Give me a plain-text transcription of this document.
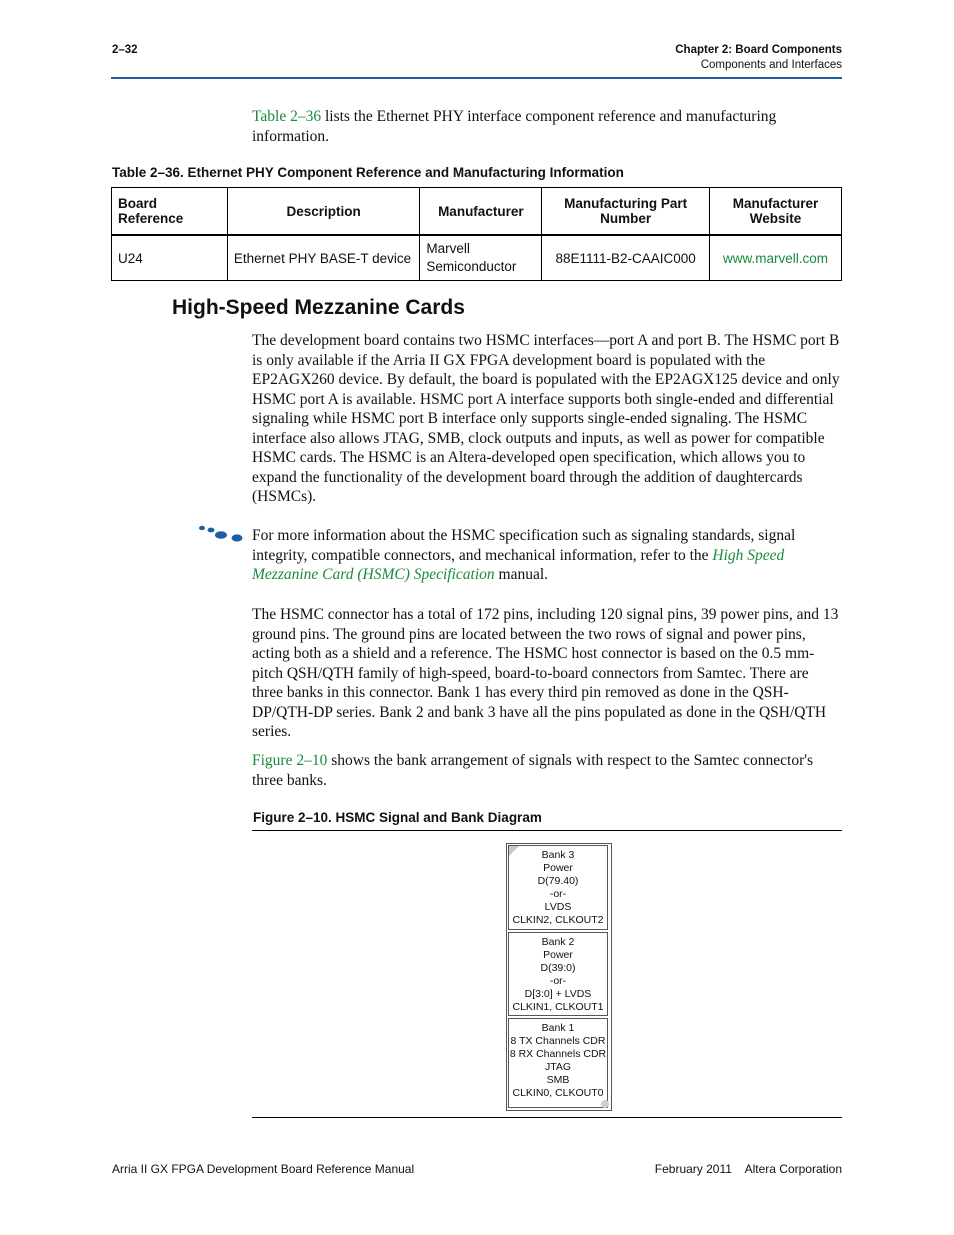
2–32	Chapter 2: Board Components
Components and Interfaces
Table 2–36 lists the Ethernet PHY interface component reference and manufacturing information.
Table 2–36. Ethernet PHY Component Reference and Manufacturing Information
Board Reference	Description	Manufacturer	Manufacturing Part Number	Manufacturer Website
U24	Ethernet PHY BASE-T device	Marvell Semiconductor	88E1111-B2-CAAIC000	www.marvell.com
High-Speed Mezzanine Cards
The development board contains two HSMC interfaces—port A and port B. The HSMC port B is only available if the Arria II GX FPGA development board is populated with the EP2AGX260 device. By default, the board is populated with the EP2AGX125 device and only HSMC port A is available. HSMC port A interface supports both single-ended and differential signaling while HSMC port B interface only supports single-ended signaling. The HSMC interface also allows JTAG, SMB, clock outputs and inputs, as well as power for compatible HSMC cards. The HSMC is an Altera-developed open specification, which allows you to expand the functionality of the development board through the addition of daughtercards (HSMCs).
For more information about the HSMC specification such as signaling standards, signal integrity, compatible connectors, and mechanical information, refer to the High Speed Mezzanine Card (HSMC) Specification manual.
The HSMC connector has a total of 172 pins, including 120 signal pins, 39 power pins, and 13 ground pins. The ground pins are located between the two rows of signal and power pins, acting both as a shield and a reference. The HSMC host connector is based on the 0.5 mm-pitch QSH/QTH family of high-speed, board-to-board connectors from Samtec. There are three banks in this connector. Bank 1 has every third pin removed as done in the QSH-DP/QTH-DP series. Bank 2 and bank 3 have all the pins populated as done in the QSH/QTH series.
Figure 2–10 shows the bank arrangement of signals with respect to the Samtec connector's three banks.
Figure 2–10. HSMC Signal and Bank Diagram
Bank 3
Power
D(79.40)
-or-
LVDS
CLKIN2, CLKOUT2
Bank 2
Power
D(39:0)
-or-
D[3:0] + LVDS
CLKIN1, CLKOUT1
Bank 1
8 TX Channels CDR
8 RX Channels CDR
JTAG
SMB
CLKIN0, CLKOUT0
Arria II GX FPGA Development Board Reference Manual	February 2011    Altera Corporation
